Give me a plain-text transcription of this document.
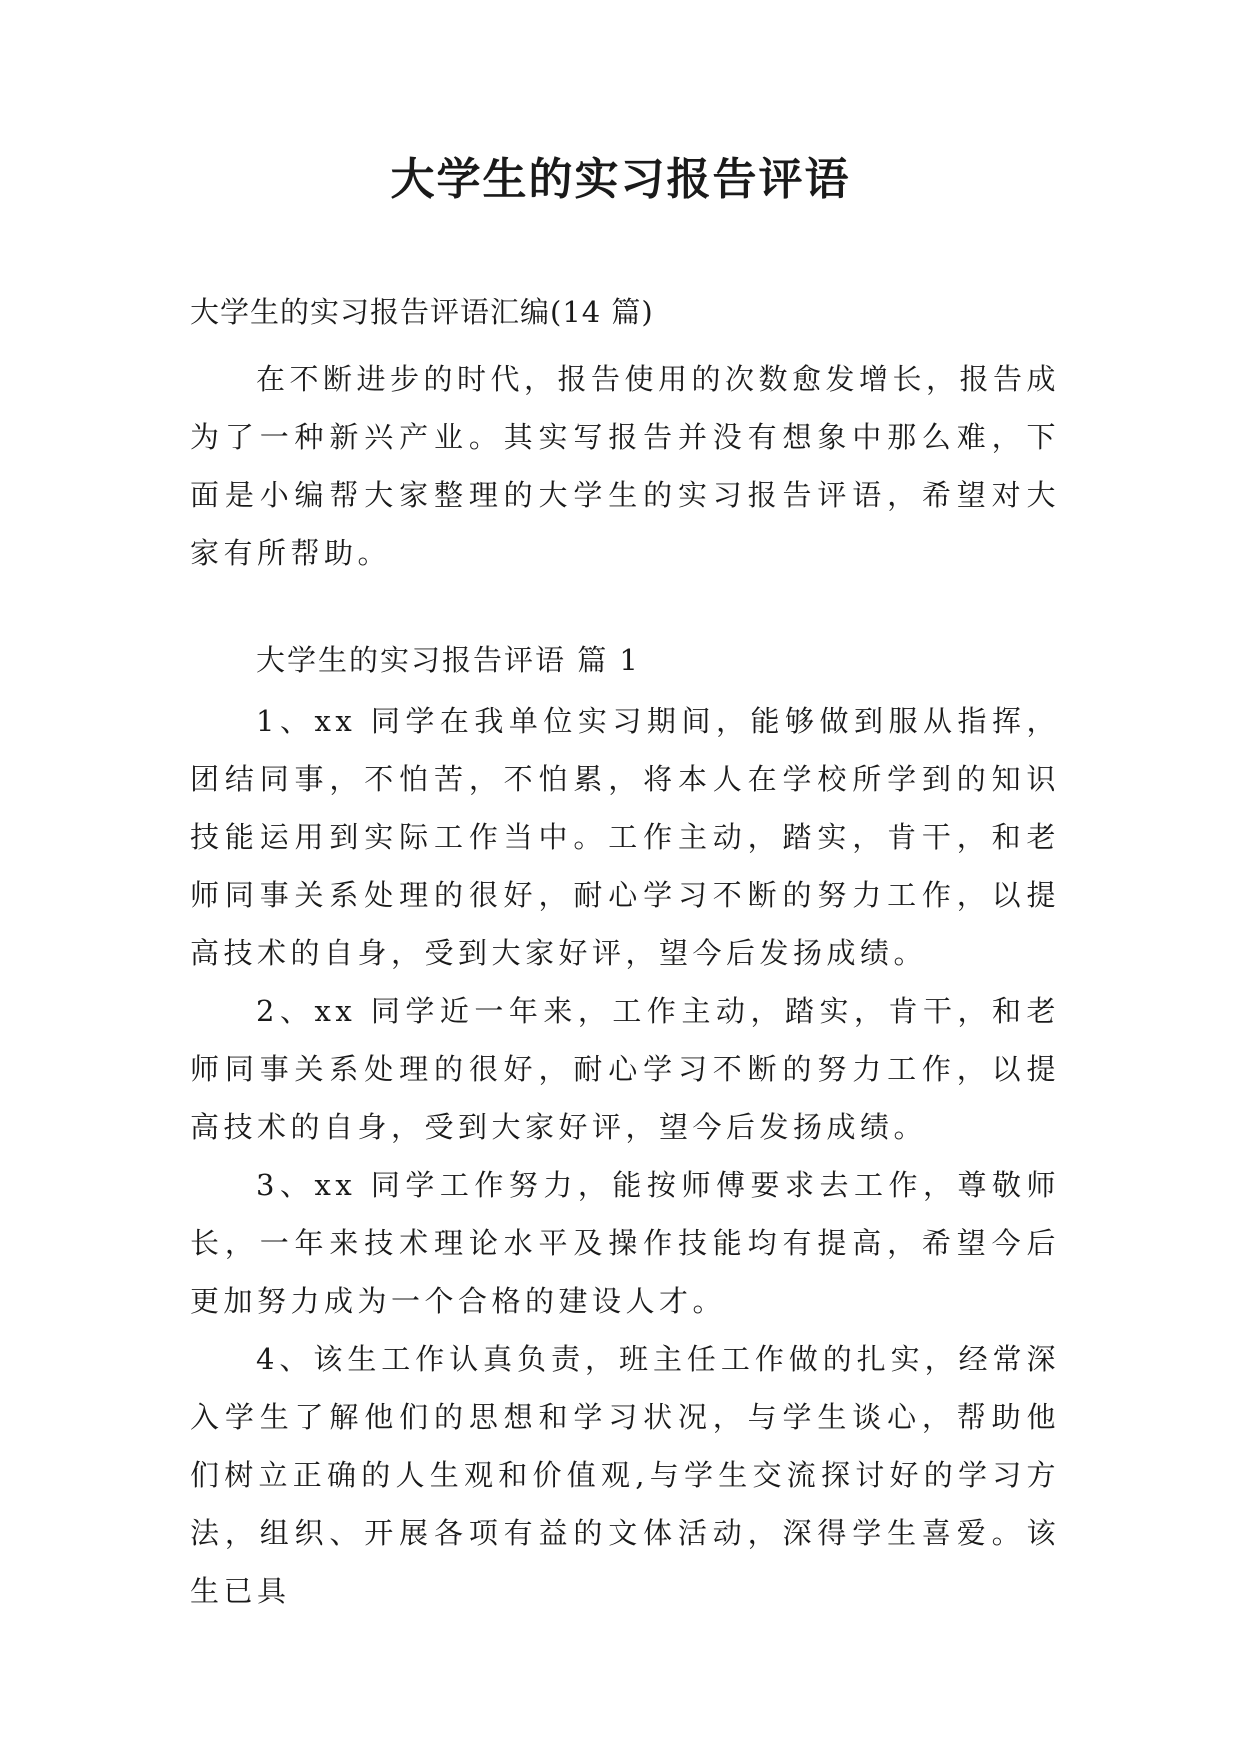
大学生的实习报告评语

大学生的实习报告评语汇编(14 篇)

在不断进步的时代，报告使用的次数愈发增长，报告成为了一种新兴产业。其实写报告并没有想象中那么难，下面是小编帮大家整理的大学生的实习报告评语，希望对大家有所帮助。

大学生的实习报告评语 篇 1

1、xx 同学在我单位实习期间，能够做到服从指挥，团结同事，不怕苦，不怕累，将本人在学校所学到的知识技能运用到实际工作当中。工作主动，踏实，肯干，和老师同事关系处理的很好，耐心学习不断的努力工作，以提高技术的自身，受到大家好评，望今后发扬成绩。

2、xx 同学近一年来，工作主动，踏实，肯干，和老师同事关系处理的很好，耐心学习不断的努力工作，以提高技术的自身，受到大家好评，望今后发扬成绩。

3、xx 同学工作努力，能按师傅要求去工作，尊敬师长，一年来技术理论水平及操作技能均有提高，希望今后更加努力成为一个合格的建设人才。

4、该生工作认真负责，班主任工作做的扎实，经常深入学生了解他们的思想和学习状况，与学生谈心，帮助他们树立正确的人生观和价值观,与学生交流探讨好的学习方法，组织、开展各项有益的文体活动，深得学生喜爱。该生已具
